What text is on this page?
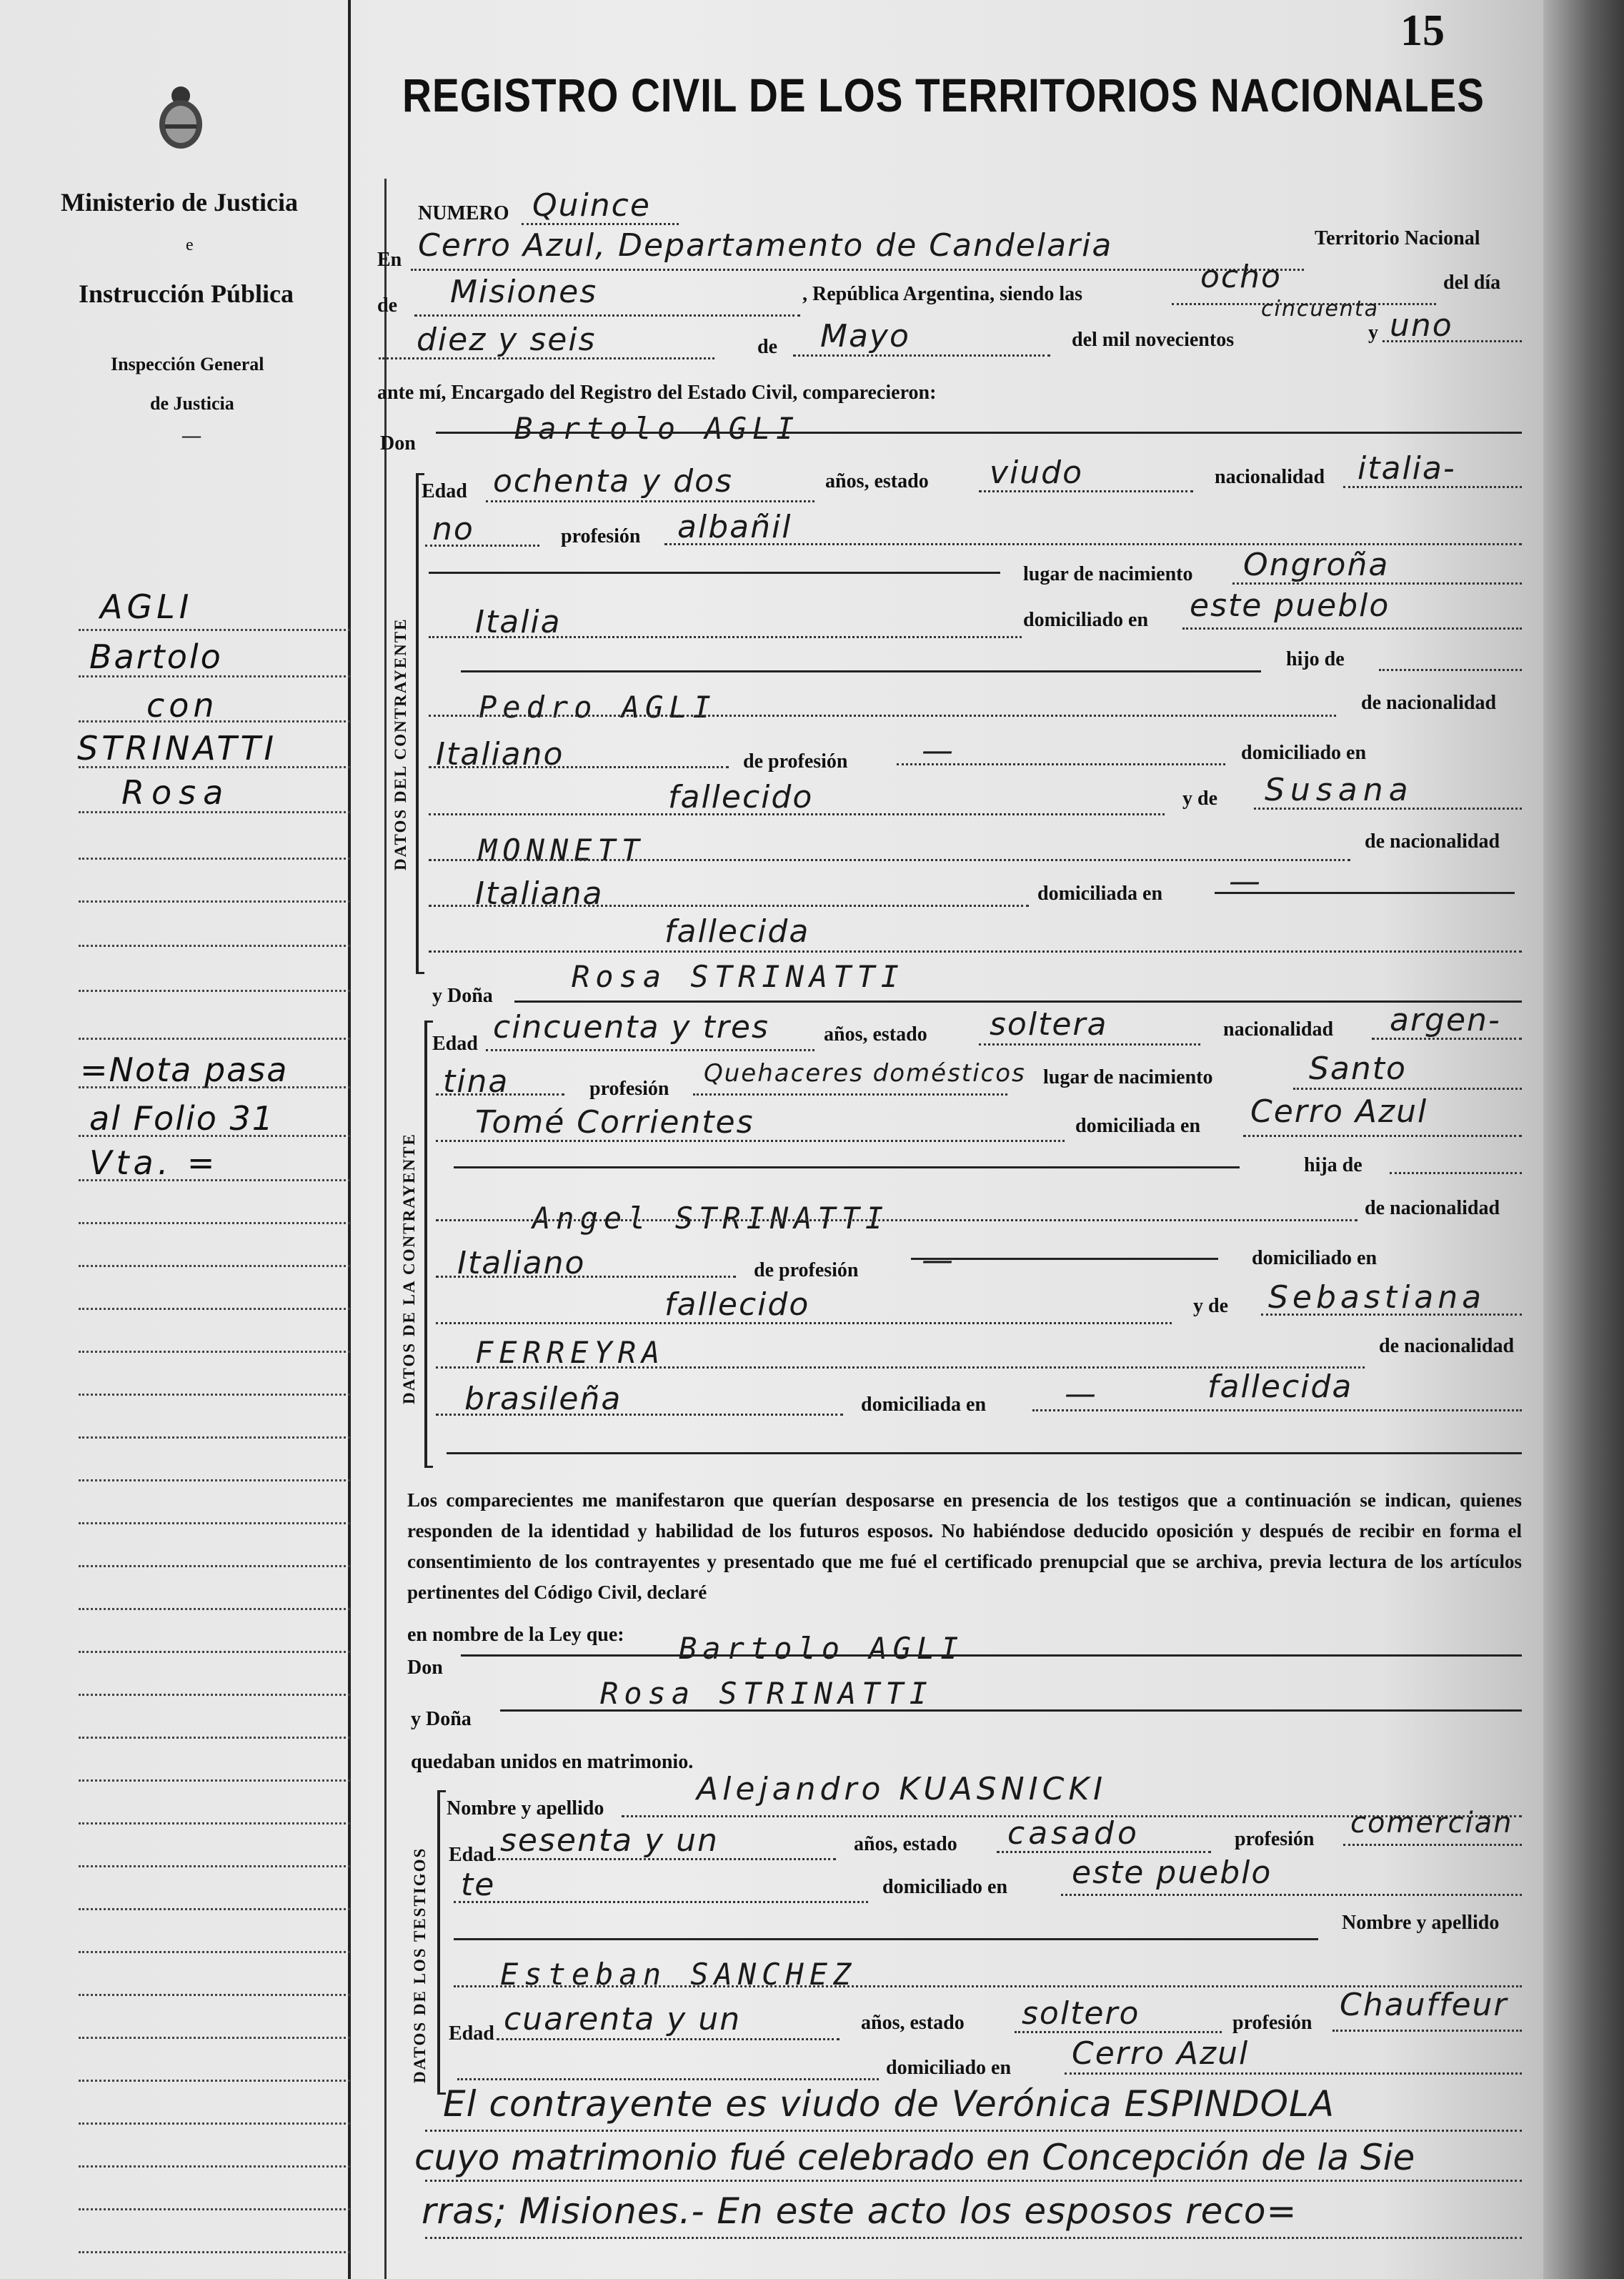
15
Ministerio de Justicia
e
Instrucción Pública
Inspección General
de Justicia
—
REGISTRO CIVIL DE LOS TERRITORIOS NACIONALES
AGLI
Bartolo
con
STRINATTI
Rosa
=Nota pasa
al Folio 31
Vta. =
NUMERO Quince
En Cerro Azul, Departamento de Candelaria	Territorio Nacional
de Misiones	, República Argentina, siendo las	ocho	del día
diez y seis	de Mayo	del mil novecientos
cincuenta
y uno
ante mí, Encargado del Registro del Estado Civil, comparecieron:
Don	Bartolo AGLI
DATOS DEL CONTRAYENTE
Edad ochenta y dos	años, estado viudo	nacionalidad italia-
no	profesión albañil
lugar de nacimiento Ongroña
Italia	domiciliado en este pueblo
hijo de
Pedro AGLI	de nacionalidad
Italiano	de profesión —	domiciliado en
fallecido	y de Susana
MONNETT	de nacionalidad
Italiana	domiciliada en —
fallecida
y Doña
Rosa STRINATTI
DATOS DE LA CONTRAYENTE
Edad cincuenta y tres	años, estado soltera	nacionalidad argen-
tina	profesión
Quehaceres domésticos lugar de nacimiento	Santo
Tomé Corrientes	domiciliada en Cerro Azul
hija de
Angel STRINATTI	de nacionalidad
Italiano	de profesión —	domiciliado en
fallecido	y de Sebastiana
FERREYRA	de nacionalidad
brasileña	domiciliada en —	fallecida
Los comparecientes me manifestaron que querían desposarse en presencia de los testigos que a continuación se indican, quienes responden de la identidad y habilidad de los futuros esposos. No habiéndose deducido oposición y después de recibir en forma el consentimiento de los contrayentes y presentado que me fué el certificado prenupcial que se archiva, previa lectura de los artículos pertinentes del Código Civil, declaré
en nombre de la Ley que:
Don
Bartolo AGLI
y Doña
Rosa STRINATTI
quedaban unidos en matrimonio.
DATOS DE LOS TESTIGOS
Nombre y apellido
Alejandro KUASNICKI
Edad sesenta y un	años, estado casado	profesión comercian
te	domiciliado en este pueblo
Nombre y apellido
Esteban SANCHEZ
Edad cuarenta y un	años, estado soltero	profesión Chauffeur
domiciliado en Cerro Azul
El contrayente es viudo de Verónica ESPINDOLA
cuyo matrimonio fué celebrado en Concepción de la Sie
rras; Misiones.- En este acto los esposos reco=
